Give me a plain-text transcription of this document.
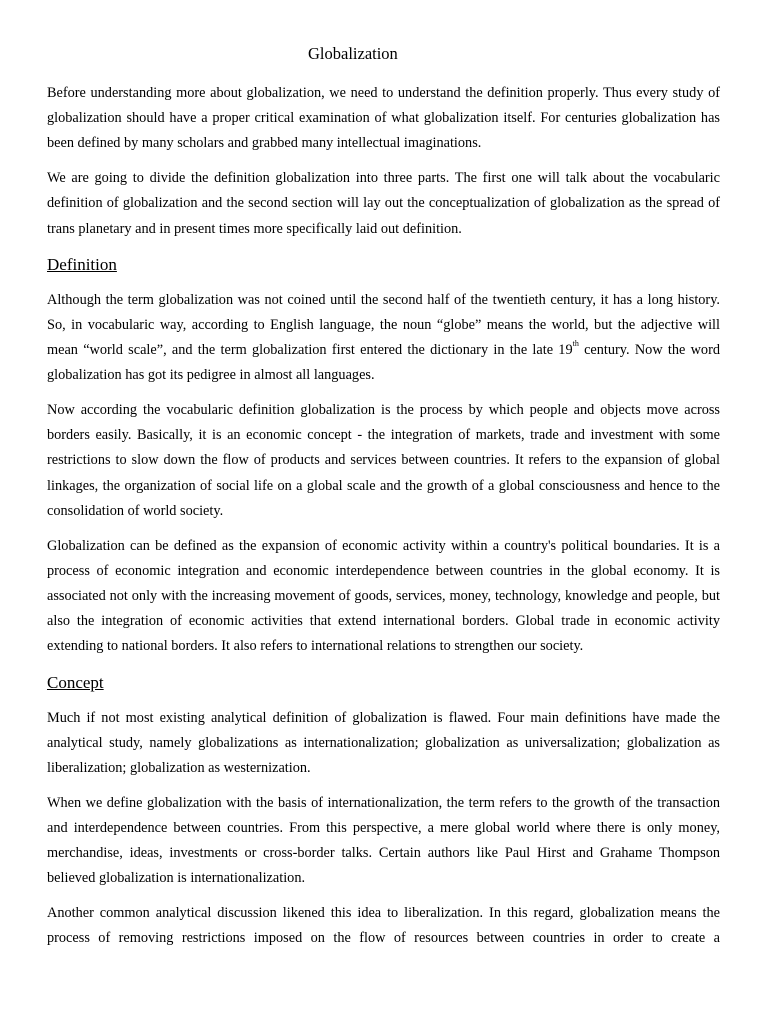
Globalization

Before understanding more about globalization, we need to understand the definition properly. Thus every study of globalization should have a proper critical examination of what globalization itself. For centuries globalization has been defined by many scholars and grabbed many intellectual imaginations.

We are going to divide the definition globalization into three parts. The first one will talk about the vocabularic definition of globalization and the second section will lay out the conceptualization of globalization as the spread of trans planetary and in present times more specifically laid out definition.

Definition

Although the term globalization was not coined until the second half of the twentieth century, it has a long history. So, in vocabularic way, according to English language, the noun “globe” means the world, but the adjective will mean “world scale”, and the term globalization first entered the dictionary in the late 19th century. Now the word globalization has got its pedigree in almost all languages.

Now according the vocabularic definition globalization is the process by which people and objects move across borders easily. Basically, it is an economic concept - the integration of markets, trade and investment with some restrictions to slow down the flow of products and services between countries. It refers to the expansion of global linkages, the organization of social life on a global scale and the growth of a global consciousness and hence to the consolidation of world society.

Globalization can be defined as the expansion of economic activity within a country's political boundaries. It is a process of economic integration and economic interdependence between countries in the global economy. It is associated not only with the increasing movement of goods, services, money, technology, knowledge and people, but also the integration of economic activities that extend international borders. Global trade in economic activity extending to national borders. It also refers to international relations to strengthen our society.

Concept

Much if not most existing analytical definition of globalization is flawed. Four main definitions have made the analytical study, namely globalizations as internationalization; globalization as universalization; globalization as liberalization; globalization as westernization.

When we define globalization with the basis of internationalization, the term refers to the growth of the transaction and interdependence between countries. From this perspective, a mere global world where there is only money, merchandise, ideas, investments or cross-border talks. Certain authors like Paul Hirst and Grahame Thompson believed globalization is internationalization.

Another common analytical discussion likened this idea to liberalization. In this regard, globalization means the process of removing restrictions imposed on the flow of resources between countries in order to create a
